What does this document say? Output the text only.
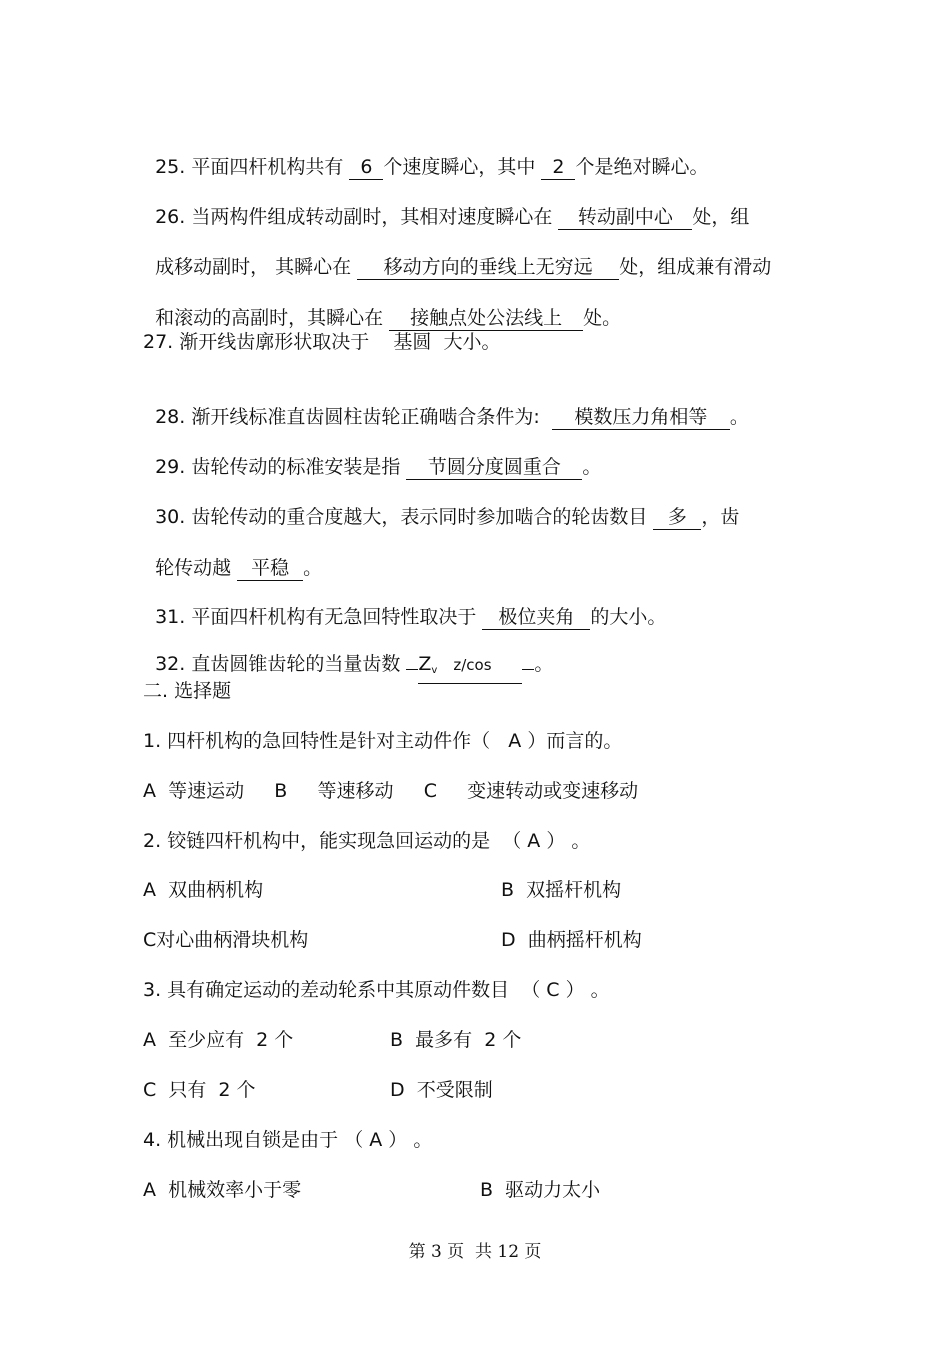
25. 平面四杆机构共有 6 个速度瞬心，其中 2 个是绝对瞬心。

26. 当两构件组成转动副时，其相对速度瞬心在 转动副中心 处，组

成移动副时， 其瞬心在 移动方向的垂线上无穷远 处，组成兼有滑动

和滚动的高副时，其瞬心在 接触点处公法线上 处。

27. 渐开线齿廓形状取决于    基圆  大小。

28. 渐开线标准直齿圆柱齿轮正确啮合条件为:  模数压力角相等 。

29. 齿轮传动的标准安装是指 节圆分度圆重合 。

30. 齿轮传动的重合度越大，表示同时参加啮合的轮齿数目 多 ，齿

轮传动越 平稳 。

31. 平面四杆机构有无急回特性取决于 极位夹角 的大小。

32. 直齿圆锥齿轮的当量齿数 Zv z/cos 。

二. 选择题
1. 四杆机构的急回特性是针对主动件作（   A ）而言的。
A  等速运动     B     等速移动     C     变速转动或变速移动
2. 铰链四杆机构中，能实现急回运动的是  （ A ） 。
A  双曲柄机构	B  双摇杆机构
C对心曲柄滑块机构	D  曲柄摇杆机构
3. 具有确定运动的差动轮系中其原动件数目  （ C ） 。
A  至少应有  2 个	B  最多有  2 个
C  只有  2 个	D  不受限制
4. 机械出现自锁是由于 （ A ） 。
A  机械效率小于零	B  驱动力太小
第 3 页  共 12 页
